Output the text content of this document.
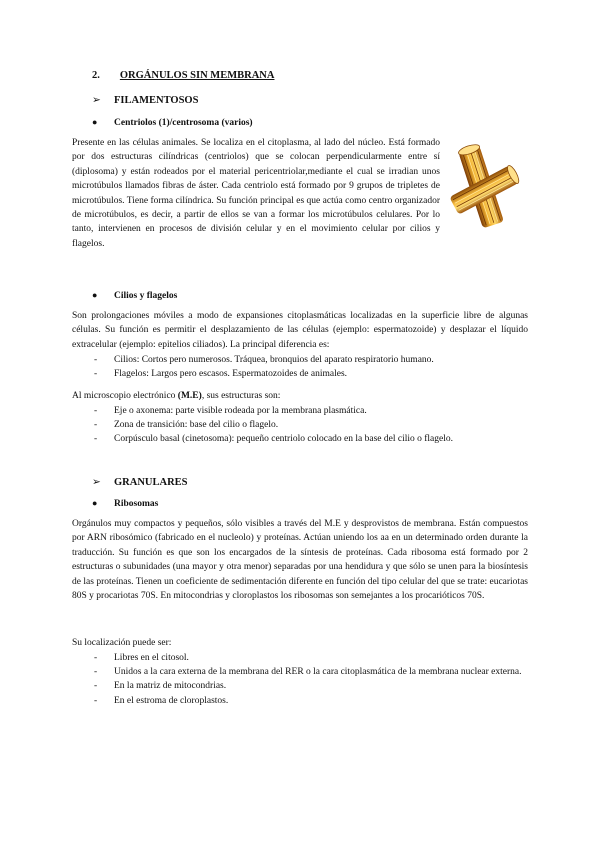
2. ORGÁNULOS SIN MEMBRANA
➢ FILAMENTOSOS
● Centriolos (1)/centrosoma (varios)

Presente en las células animales. Se localiza en el citoplasma, al lado del núcleo. Está formado por dos estructuras cilíndricas (centriolos) que se colocan perpendicularmente entre sí (diplosoma) y están rodeados por el material pericentriolar,mediante el cual se irradian unos microtúbulos llamados fibras de áster. Cada centriolo está formado por 9 grupos de tripletes de microtúbulos. Tiene forma cilíndrica. Su función principal es que actúa como centro organizador de microtúbulos, es decir, a partir de ellos se van a formar los microtúbulos celulares. Por lo tanto, intervienen en procesos de división celular y en el movimiento celular por cilios y flagelos.

● Cilios y flagelos

Son prolongaciones móviles a modo de expansiones citoplasmáticas localizadas en la superficie libre de algunas células. Su función es permitir el desplazamiento de las células (ejemplo: espermatozoide) y desplazar el líquido extracelular (ejemplo: epitelios ciliados). La principal diferencia es:

- Cilios: Cortos pero numerosos. Tráquea, bronquios del aparato respiratorio humano.
- Flagelos: Largos pero escasos. Espermatozoides de animales.

Al microscopio electrónico (M.E), sus estructuras son:

- Eje o axonema: parte visible rodeada por la membrana plasmática.
- Zona de transición: base del cilio o flagelo.
- Corpúsculo basal (cinetosoma): pequeño centriolo colocado en la base del cilio o flagelo.
➢ GRANULARES
● Ribosomas

Orgánulos muy compactos y pequeños, sólo visibles a través del M.E y desprovistos de membrana. Están compuestos por ARN ribosómico (fabricado en el nucleolo) y proteínas. Actúan uniendo los aa en un determinado orden durante la traducción. Su función es que son los encargados de la síntesis de proteínas. Cada ribosoma está formado por 2 estructuras o subunidades (una mayor y otra menor) separadas por una hendidura y que sólo se unen para la biosíntesis de las proteínas. Tienen un coeficiente de sedimentación diferente en función del tipo celular del que se trate: eucariotas 80S y procariotas 70S. En mitocondrias y cloroplastos los ribosomas son semejantes a los procarióticos 70S.

Su localización puede ser:

- Libres en el citosol.
- Unidos a la cara externa de la membrana del RER o la cara citoplasmática de la membrana nuclear externa.
- En la matriz de mitocondrias.
- En el estroma de cloroplastos.
